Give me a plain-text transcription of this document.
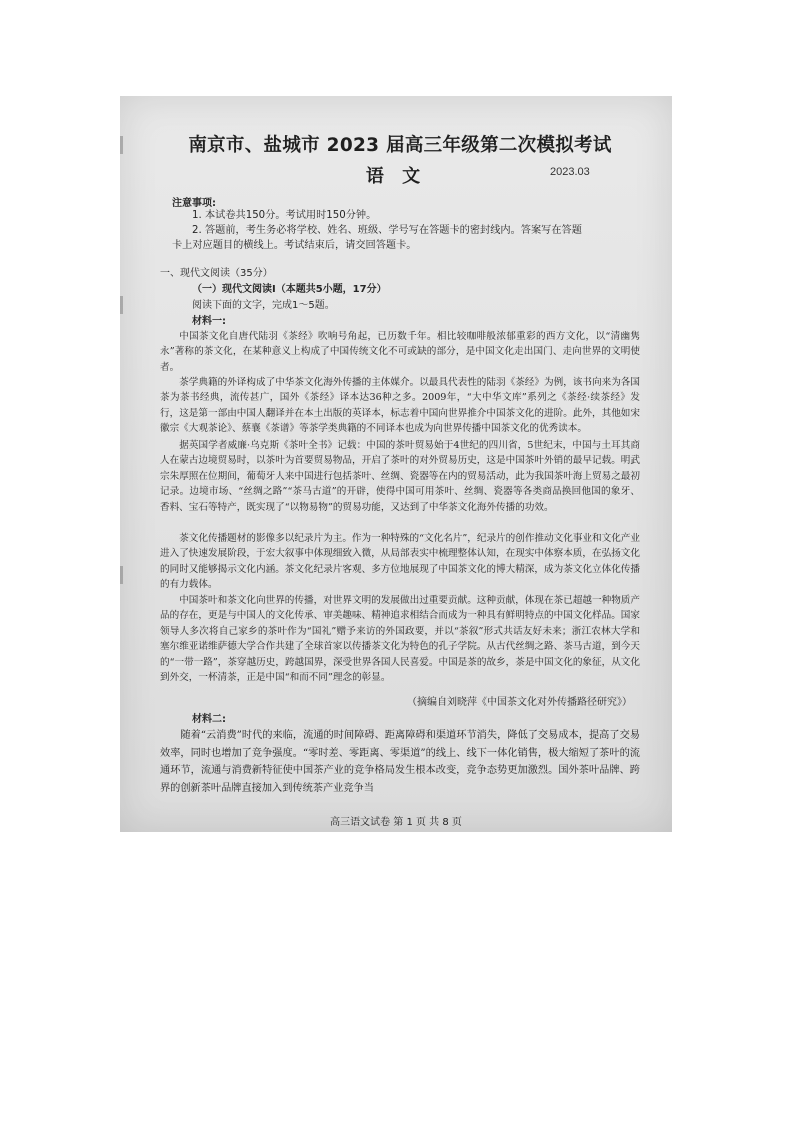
南京市、盐城市 2023 届高三年级第二次模拟考试
语 文	2023.03
注意事项:
1. 本试卷共150分。考试用时150分钟。
2. 答题前，考生务必将学校、姓名、班级、学号写在答题卡的密封线内。答案写在答题
卡上对应题目的横线上。考试结束后，请交回答题卡。
一、现代文阅读（35分）
（一）现代文阅读Ⅰ（本题共5小题，17分）
阅读下面的文字，完成1～5题。
材料一:

中国茶文化自唐代陆羽《茶经》吹响号角起，已历数千年。相比较咖啡般浓郁重彩的西方文化，以“清幽隽永”著称的茶文化，在某种意义上构成了中国传统文化不可或缺的部分，是中国文化走出国门、走向世界的文明使者。

茶学典籍的外译构成了中华茶文化海外传播的主体媒介。以最具代表性的陆羽《茶经》为例，该书向来为各国茶为茶书经典，流传甚广，国外《茶经》译本达36种之多。2009年，“大中华文库”系列之《茶经·续茶经》发行，这是第一部由中国人翻译并在本土出版的英译本，标志着中国向世界推介中国茶文化的进阶。此外，其他如宋徽宗《大观茶论》、蔡襄《茶谱》等茶学类典籍的不同译本也成为向世界传播中国茶文化的优秀读本。

据英国学者威廉·乌克斯《茶叶全书》记载：中国的茶叶贸易始于4世纪的四川省，5世纪末，中国与土耳其商人在蒙古边境贸易时，以茶叶为首要贸易物品，开启了茶叶的对外贸易历史，这是中国茶叶外销的最早记载。明武宗朱厚照在位期间，葡萄牙人来中国进行包括茶叶、丝绸、瓷器等在内的贸易活动，此为我国茶叶海上贸易之最初记录。边境市场、“丝绸之路”“茶马古道”的开辟，使得中国可用茶叶、丝绸、瓷器等各类商品换回他国的象牙、香料、宝石等特产，既实现了“以物易物”的贸易功能，又达到了中华茶文化海外传播的功效。

茶文化传播题材的影像多以纪录片为主。作为一种特殊的“文化名片”，纪录片的创作推动文化事业和文化产业进入了快速发展阶段，于宏大叙事中体现细致入微，从局部表实中梳理整体认知，在现实中体察本质，在弘扬文化的同时又能够揭示文化内涵。茶文化纪录片客观、多方位地展现了中国茶文化的博大精深，成为茶文化立体化传播的有力载体。

中国茶叶和茶文化向世界的传播，对世界文明的发展做出过重要贡献。这种贡献，体现在茶已超越一种物质产品的存在，更是与中国人的文化传承、审美趣味、精神追求相结合而成为一种具有鲜明特点的中国文化样品。国家领导人多次将自己家乡的茶叶作为“国礼”赠予来访的外国政要，并以“茶叙”形式共话友好未来；浙江农林大学和塞尔维亚诺维萨德大学合作共建了全球首家以传播茶文化为特色的孔子学院。从古代丝绸之路、茶马古道，到今天的“一带一路”，茶穿越历史，跨越国界，深受世界各国人民喜爱。中国是茶的故乡，茶是中国文化的象征，从文化到外交，一杯清茶，正是中国“和而不同”理念的彰显。

（摘编自刘晓萍《中国茶文化对外传播路径研究》）
材料二:

随着“云消费”时代的来临，流通的时间障碍、距离障碍和渠道环节消失，降低了交易成本，提高了交易效率，同时也增加了竞争强度。“零时差、零距离、零渠道”的线上、线下一体化销售，极大缩短了茶叶的流通环节，流通与消费新特征使中国茶产业的竞争格局发生根本改变，竞争态势更加激烈。国外茶叶品牌、跨界的创新茶叶品牌直接加入到传统茶产业竞争当

高三语文试卷 第 1 页 共 8 页
